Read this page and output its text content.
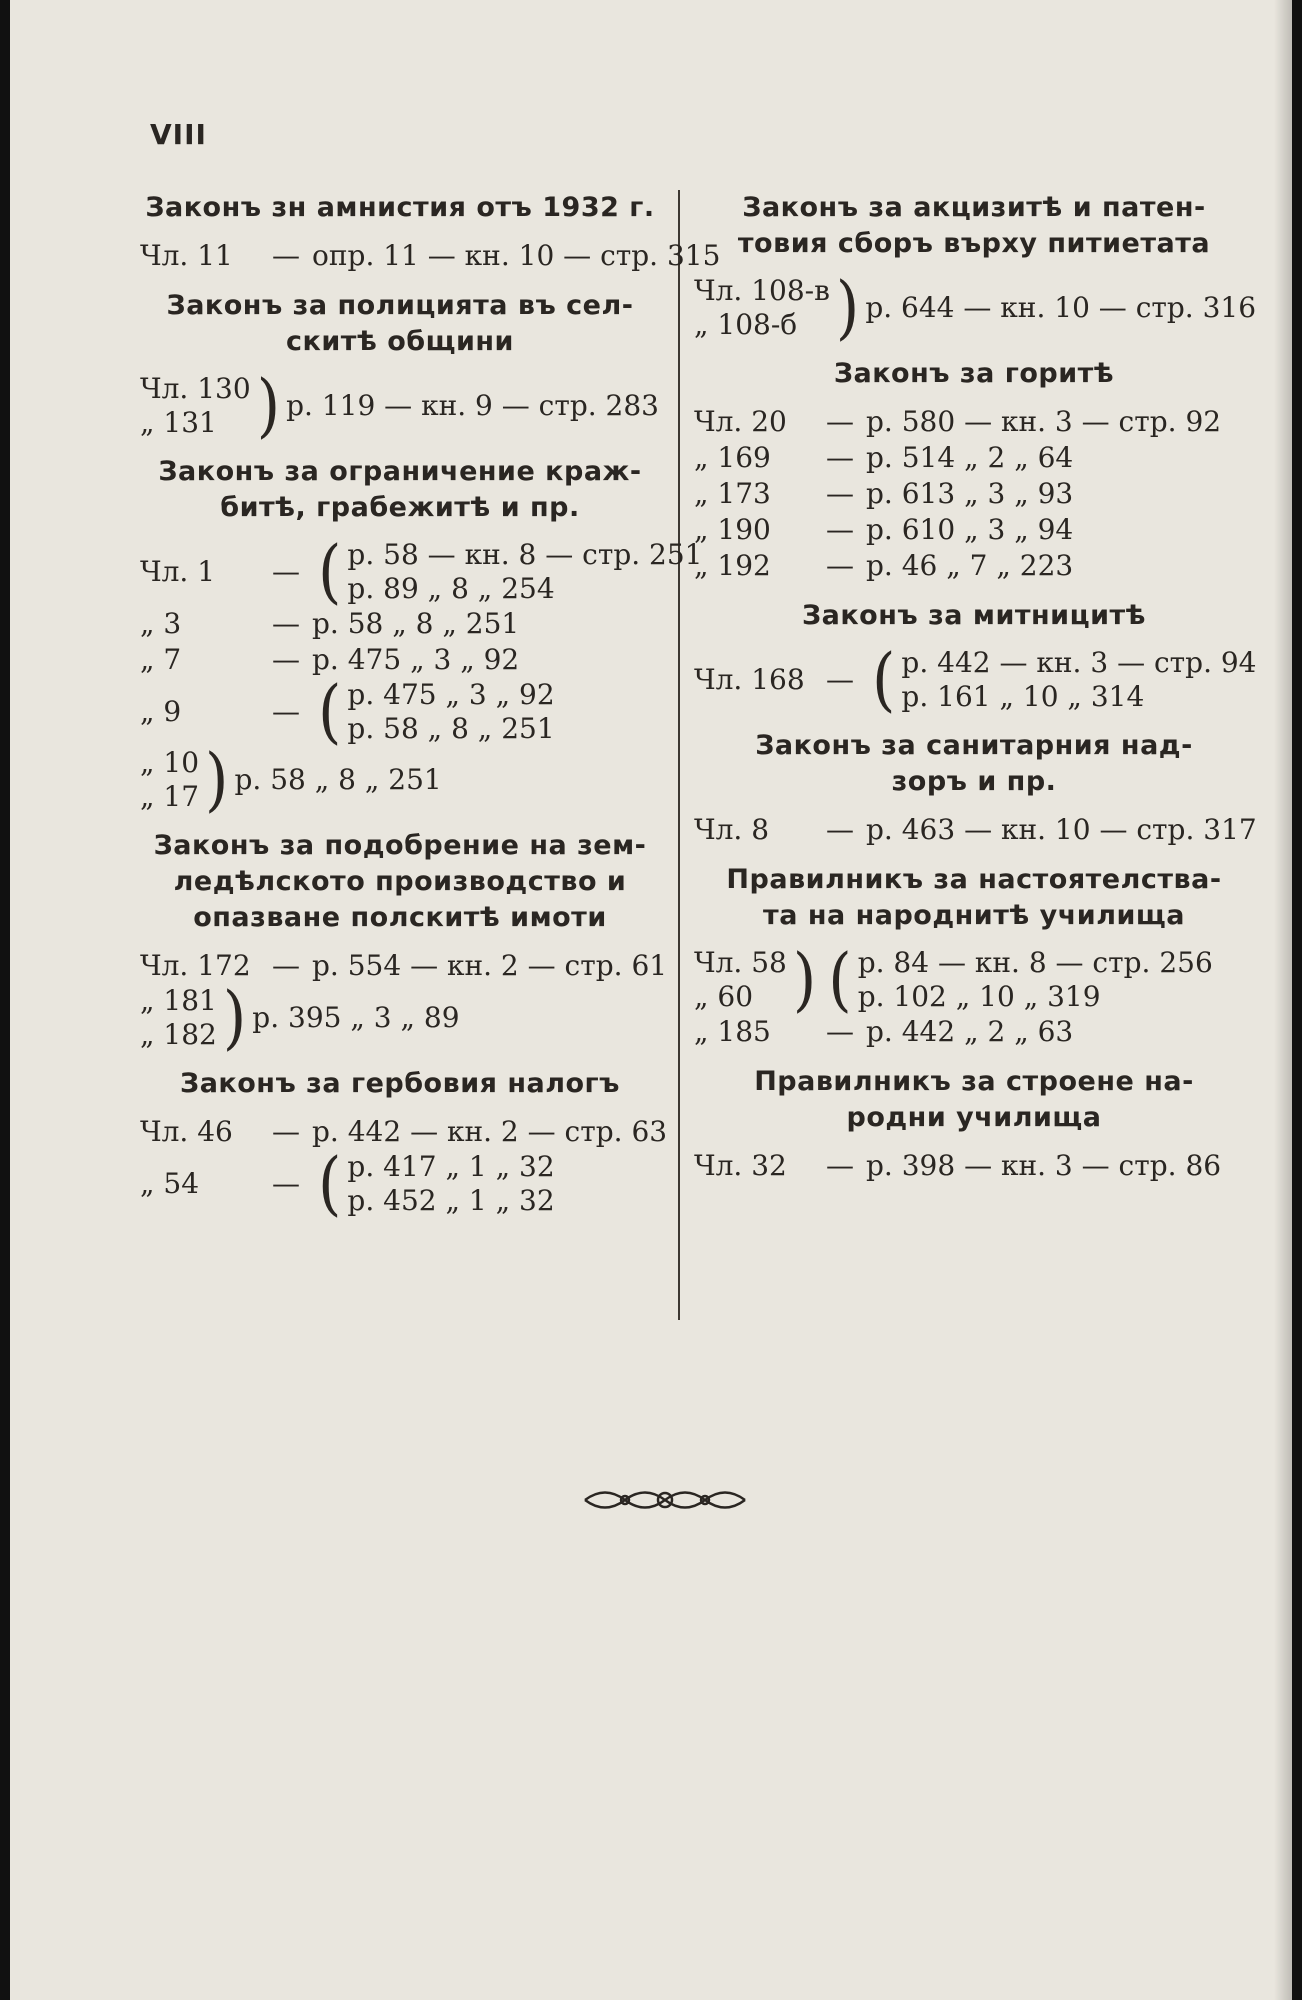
VIII
Законъ зн амнистия отъ 1932 г.
Чл. 11	— опр. 11 — кн. 10 — стр. 315
Законъ за полицията въ сел-
скитѣ общини
Чл. 130
„ 131 ) р. 119 — кн. 9 — стр. 283
Законъ за ограничение краж-
битѣ, грабежитѣ и пр.
Чл. 1	— ( р. 58 — кн. 8 — стр. 251
р. 89 „ 8 „ 254
„ 3	— р. 58 „ 8 „ 251
„ 7	— р. 475 „ 3 „ 92
„ 9	— ( р. 475 „ 3 „ 92
р. 58 „ 8 „ 251
„ 10
„ 17 ) р. 58 „ 8 „ 251
Законъ за подобрение на зем-
ледѣлското производство и
опазване полскитѣ имоти
Чл. 172 — р. 554 — кн. 2 — стр. 61
„ 181
„ 182 ) р. 395 „ 3 „ 89
Законъ за гербовия налогъ
Чл. 46	— р. 442 — кн. 2 — стр. 63
„ 54	— ( р. 417 „ 1 „ 32
р. 452 „ 1 „ 32
Законъ за акцизитѣ и патен-
товия сборъ върху питиетата
Чл. 108-в
„ 108-б ) р. 644 — кн. 10 — стр. 316
Законъ за горитѣ
Чл. 20	— р. 580 — кн. 3 — стр. 92
„ 169	— р. 514 „ 2 „ 64
„ 173	— р. 613 „ 3 „ 93
„ 190	— р. 610 „ 3 „ 94
„ 192	— р. 46 „ 7 „ 223
Законъ за митницитѣ
Чл. 168 — ( р. 442 — кн. 3 — стр. 94
р. 161 „ 10 „ 314
Законъ за санитарния над-
зоръ и пр.
Чл. 8	— р. 463 — кн. 10 — стр. 317
Правилникъ за настоятелства-
та на народнитѣ училища
Чл. 58
„ 60 ) ( р. 84 — кн. 8 — стр. 256
р. 102 „ 10 „ 319
„ 185	— р. 442 „ 2 „ 63
Правилникъ за строене на-
родни училища
Чл. 32	— р. 398 — кн. 3 — стр. 86
